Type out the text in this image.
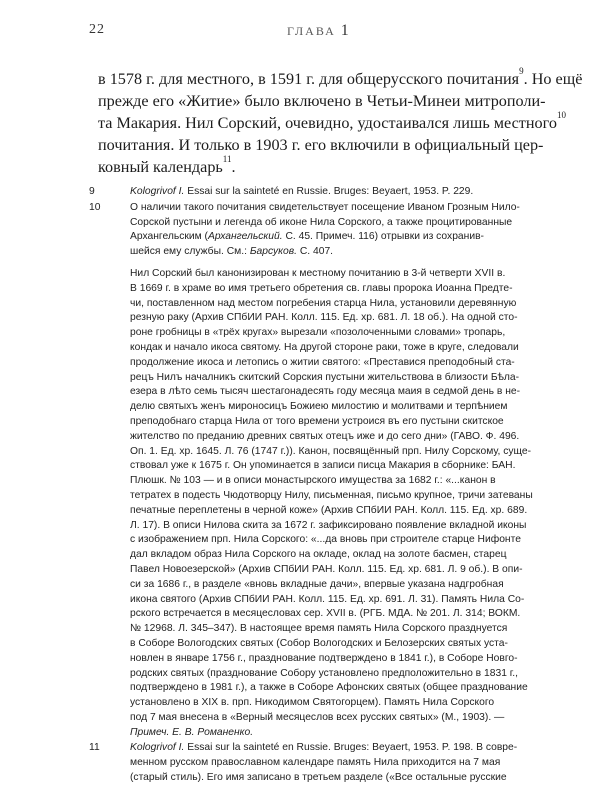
22	ГЛАВА 1
в 1578 г. для местного, в 1591 г. для общерусского почитания$^9$. Но ещё
прежде его «Житие» было включено в Четьи-Минеи митрополи-
та Макария. Нил Сорский, очевидно, удостаивался лишь местного$^{10}$
почитания. И только в 1903 г. его включили в официальный цер-
ковный календарь$^{11}$.
9	Kologrivof I. Essai sur la sainteté en Russie. Bruges: Beyaert, 1953. P. 229.
10	О наличии такого почитания свидетельствует посещение Иваном Грозным Нило-
Сорской пустыни и легенда об иконе Нила Сорского, а также процитированные
Архангельским (Архангельский. С. 45. Примеч. 116) отрывки из сохранив-
шейся ему службы. См.: Барсуков. С. 407.
Нил Сорский был канонизирован к местному почитанию в 3-й четверти XVII в.
В 1669 г. в храме во имя третьего обретения св. главы пророка Иоанна Предте-
чи, поставленном над местом погребения старца Нила, установили деревянную
резную раку (Архив СПбИИ РАН. Колл. 115. Ед. хр. 681. Л. 18 об.). На одной сто-
роне гробницы в «трёх кругах» вырезали «позолоченными словами» тропарь,
кондак и начало икоса святому. На другой стороне раки, тоже в круге, следовали
продолжение икоса и летопись о житии святого: «Преставися преподобный ста-
рецъ Нилъ началникъ скитский Сорския пустыни жительствова в близости Бѣла-
езера в лѣто семь тысяч шестагонадесять году месяца маия в седмой день в не-
делю святыхъ женъ мироносицъ Божиею милостию и молитвами и терпѣнием
преподобнаго старца Нила от того времени устроися въ его пустыни скитское
жителство по преданию древних святых отецъ иже и до сего дни» (ГАВО. Ф. 496.
Оп. 1. Ед. хр. 1645. Л. 76 (1747 г.)). Канон, посвящённый прп. Нилу Сорскому, суще-
ствовал уже к 1675 г. Он упоминается в записи писца Макария в сборнике: БАН.
Плюшк. № 103 — и в описи монастырского имущества за 1682 г.: «...канон в
тетратех в подесть Чюдотворцу Нилу, письменная, письмо крупное, тричи затеваны
печатные переплетены в черной коже» (Архив СПбИИ РАН. Колл. 115. Ед. хр. 689.
Л. 17). В описи Нилова скита за 1672 г. зафиксировано появление вкладной иконы
с изображением прп. Нила Сорского: «...да вновь при строителе старце Нифонте
дал вкладом образ Нила Сорского на окладе, оклад на золоте басмен, старец
Павел Новоезерской» (Архив СПбИИ РАН. Колл. 115. Ед. хр. 681. Л. 9 об.). В опи-
си за 1686 г., в разделе «вновь вкладные дачи», впервые указана надгробная
икона святого (Архив СПбИИ РАН. Колл. 115. Ед. хр. 691. Л. 31). Память Нила Со-
рского встречается в месяцесловах сер. XVII в. (РГБ. МДА. № 201. Л. 314; ВОКМ.
№ 12968. Л. 345–347). В настоящее время память Нила Сорского празднуется
в Соборе Вологодских святых (Собор Вологодских и Белозерских святых уста-
новлен в январе 1756 г., празднование подтверждено в 1841 г.), в Соборе Новго-
родских святых (празднование Собору установлено предположительно в 1831 г.,
подтверждено в 1981 г.), а также в Соборе Афонских святых (общее празднование
установлено в XIX в. прп. Никодимом Святогорцем). Память Нила Сорского
под 7 мая внесена в «Верный месяцеслов всех русских святых» (М., 1903). —
Примеч. Е. В. Романенко.
11	Kologrivof I. Essai sur la sainteté en Russie. Bruges: Beyaert, 1953. P. 198. В совре-
менном русском православном календаре память Нила приходится на 7 мая
(старый стиль). Его имя записано в третьем разделе («Все остальные русские
